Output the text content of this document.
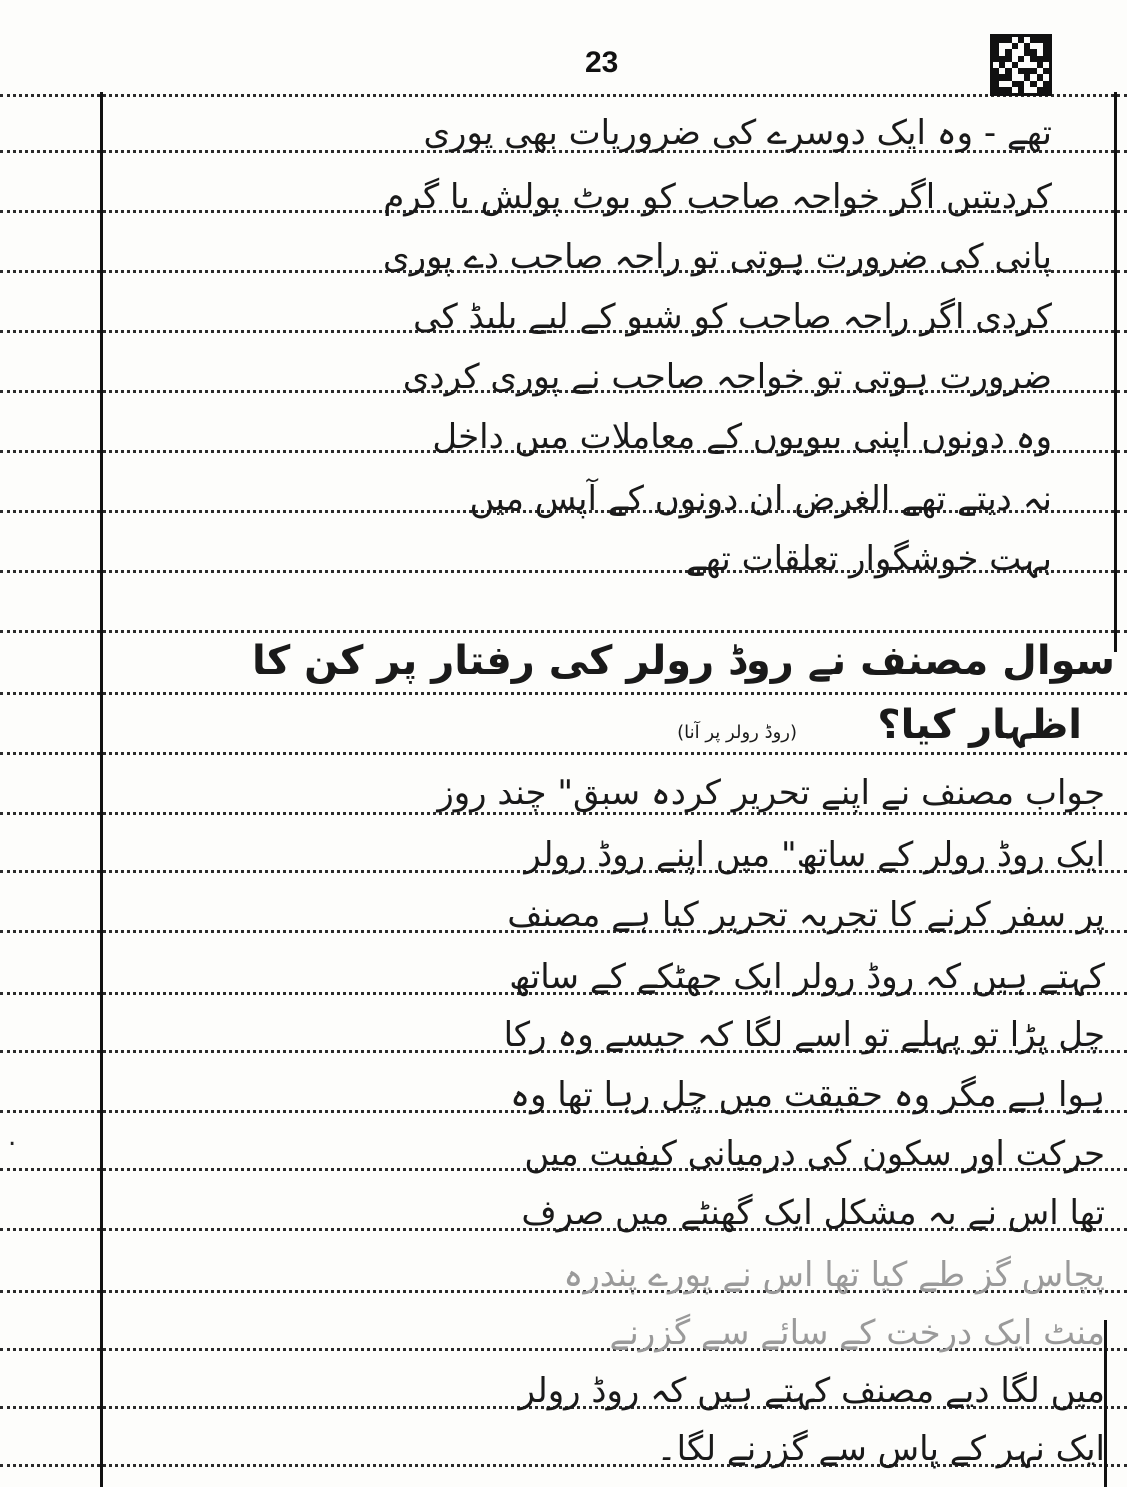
23
تھے - وہ ایک دوسرے کی ضروریات بھی پوری
کردیتیں اگر خواجہ صاحب کو بوٹ پولش یا گرم
پانی کی ضرورت ہوتی تو راجہ صاحب دے پوری
کردی اگر راجہ صاحب کو شیو کے لیے بلیڈ کی
ضرورت ہوتی تو خواجہ صاحب نے پوری کردی
وہ دونوں اپنی بیویوں کے معاملات میں داخل
نہ دیتے تھے الغرض ان دونوں کے آپس میں
بہت خوشگوار تعلقات تھے
سوال مصنف نے روڈ رولر کی رفتار پر کن کا
اظہار کیا؟
(روڈ رولر پر آنا)
جواب مصنف نے اپنے تحریر کردہ سبق" چند روز
ایک روڈ رولر کے ساتھ" میں اپنے روڈ رولر
پر سفر کرنے کا تجربہ تحریر کیا ہے مصنف
کہتے ہیں کہ روڈ رولر ایک جھٹکے کے ساتھ
چل پڑا تو پہلے تو اسے لگا کہ جیسے وہ رکا
ہوا ہے مگر وہ حقیقت میں چل رہا تھا وہ
حرکت اور سکون کی درمیانی کیفیت میں
تھا اس نے بہ مشکل ایک گھنٹے میں صرف
پچاس گز طے کیا تھا اس نے پورے پندرہ
منٹ ایک درخت کے سائے سے گزرنے
میں لگا دیے مصنف کہتے ہیں کہ روڈ رولر
ایک نہر کے پاس سے گزرنے لگا۔
.
